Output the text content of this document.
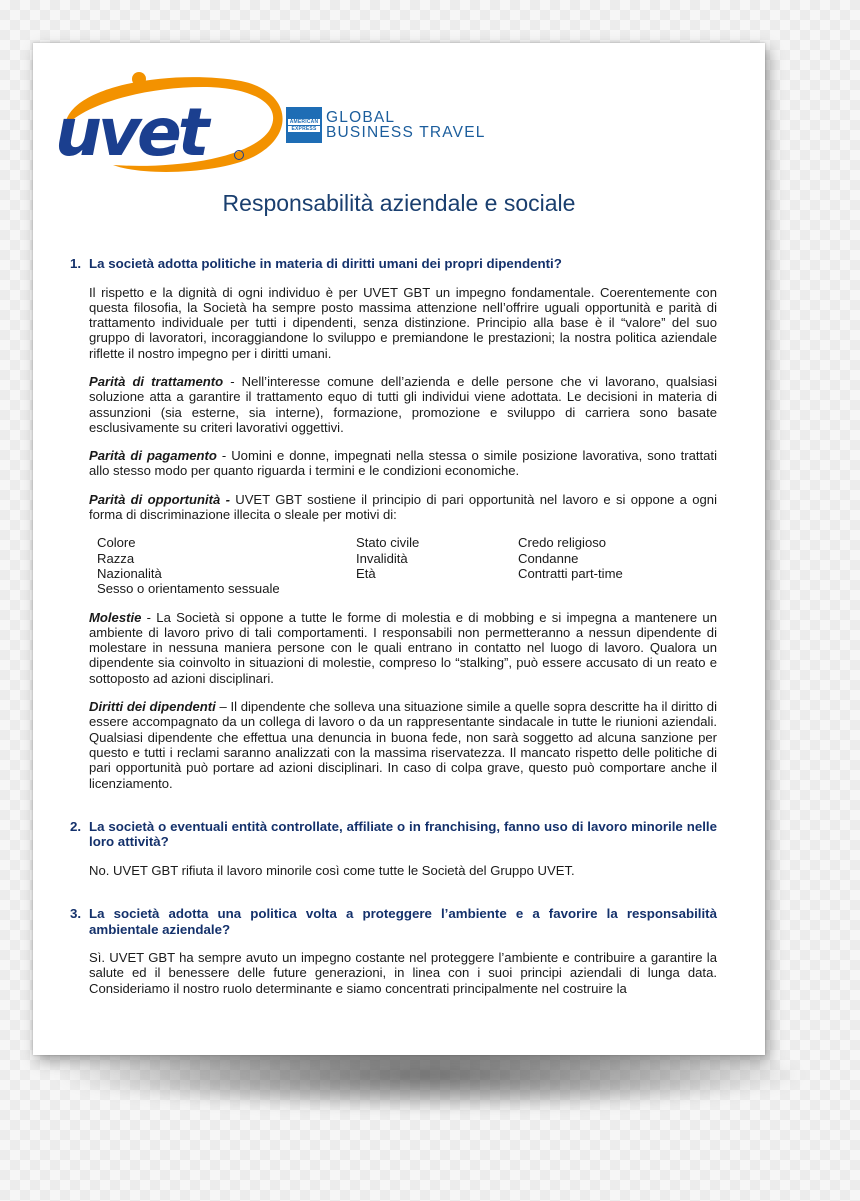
uvet	AMERICAN
EXPRESS
GLOBAL
BUSINESS TRAVEL
Responsabilità aziendale e sociale
1. La società adotta politiche in materia di diritti umani dei propri dipendenti?
Il rispetto e la dignità di ogni individuo è per UVET GBT un impegno fondamentale. Coerentemente con questa filosofia, la Società ha sempre posto massima attenzione nell’offrire uguali opportunità e parità di trattamento individuale per tutti i dipendenti, senza distinzione. Principio alla base è il “valore” del suo gruppo di lavoratori, incoraggiandone lo sviluppo e premiandone le prestazioni; la nostra politica aziendale riflette il nostro impegno per i diritti umani.
Parità di trattamento - Nell’interesse comune dell’azienda e delle persone che vi lavorano, qualsiasi soluzione atta a garantire il trattamento equo di tutti gli individui viene adottata. Le decisioni in materia di assunzioni (sia esterne, sia interne), formazione, promozione e sviluppo di carriera sono basate esclusivamente su criteri lavorativi oggettivi.
Parità di pagamento - Uomini e donne, impegnati nella stessa o simile posizione lavorativa, sono trattati allo stesso modo per quanto riguarda i termini e le condizioni economiche.
Parità di opportunità - UVET GBT sostiene il principio di pari opportunità nel lavoro e si oppone a ogni forma di discriminazione illecita o sleale per motivi di:
Colore	Stato civile	Credo religioso
Razza	Invalidità	Condanne
Nazionalità	Età	Contratti part-time
Sesso o orientamento sessuale
Molestie - La Società si oppone a tutte le forme di molestia e di mobbing e si impegna a mantenere un ambiente di lavoro privo di tali comportamenti. I responsabili non permetteranno a nessun dipendente di molestare in nessuna maniera persone con le quali entrano in contatto nel luogo di lavoro. Qualora un dipendente sia coinvolto in situazioni di molestie, compreso lo “stalking”, può essere accusato di un reato e sottoposto ad azioni disciplinari.
Diritti dei dipendenti – Il dipendente che solleva una situazione simile a quelle sopra descritte ha il diritto di essere accompagnato da un collega di lavoro o da un rappresentante sindacale in tutte le riunioni aziendali. Qualsiasi dipendente che effettua una denuncia in buona fede, non sarà soggetto ad alcuna sanzione per questo e tutti i reclami saranno analizzati con la massima riservatezza. Il mancato rispetto delle politiche di pari opportunità può portare ad azioni disciplinari. In caso di colpa grave, questo può comportare anche il licenziamento.
2. La società o eventuali entità controllate, affiliate o in franchising, fanno uso di lavoro minorile nelle loro attività?
No. UVET GBT rifiuta il lavoro minorile così come tutte le Società del Gruppo UVET.
3. La società adotta una politica volta a proteggere l’ambiente e a favorire la responsabilità ambientale aziendale?
Sì. UVET GBT ha sempre avuto un impegno costante nel proteggere l’ambiente e contribuire a garantire la salute ed il benessere delle future generazioni, in linea con i suoi principi aziendali di lunga data. Consideriamo il nostro ruolo determinante e siamo concentrati principalmente nel costruire la
